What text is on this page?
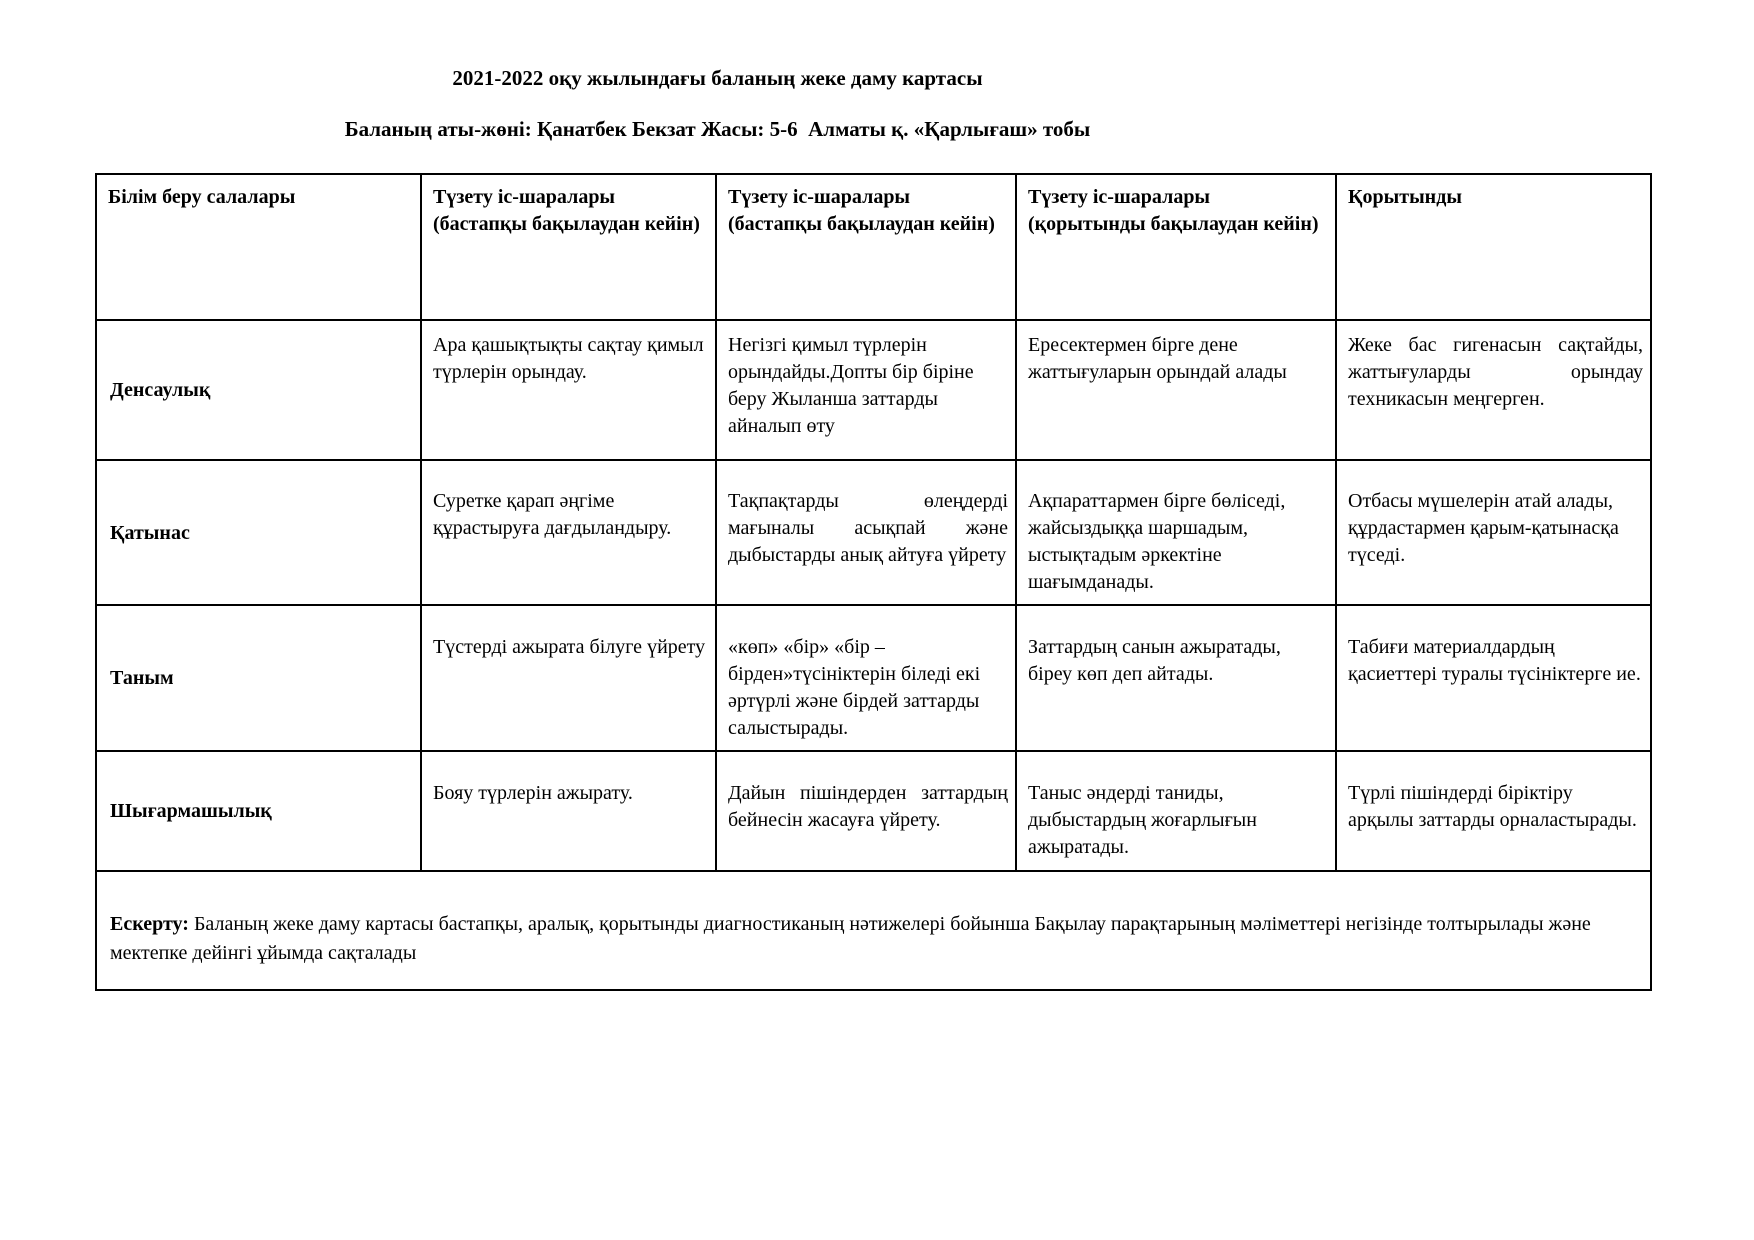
2021-2022 оқу жылындағы баланың жеке даму картасы

Баланың аты-жөні: Қанатбек Бекзат Жасы: 5-6  Алматы қ. «Қарлығаш» тобы

Білім беру салалары	Түзету іс-шаралары (бастапқы бақылаудан кейін)	Түзету іс-шаралары (бастапқы бақылаудан кейін)	Түзету іс-шаралары (қорытынды бақылаудан кейін)	Қорытынды
Денсаулық	Ара қашықтықты сақтау қимыл түрлерін орындау.	Негізгі қимыл түрлерін орындайды.Допты бір біріне беру Жыланша заттарды айналып өту	Ересектермен бірге дене жаттығуларын орындай алады	Жеке бас гигенасын сақтайды, жаттығуларды орындау техникасын меңгерген.
Қатынас	Суретке қарап әңгіме құрастыруға дағдыландыру.	Тақпақтарды өлеңдерді мағыналы асықпай және дыбыстарды анық айтуға үйрету	Ақпараттармен бірге бөліседі, жайсыздыққа шаршадым, ыстықтадым әркектіне шағымданады.	Отбасы мүшелерін атай алады, құрдастармен қарым-қатынасқа түседі.
Таным	Түстерді ажырата білуге үйрету	«көп» «бір» «бір – бірден»түсініктерін біледі екі әртүрлі және бірдей заттарды салыстырады.	Заттардың санын ажыратады, біреу көп деп айтады.	Табиғи материалдардың қасиеттері туралы түсініктерге ие.
Шығармашылық	Бояу түрлерін ажырату.	Дайын пішіндерден заттардың бейнесін жасауға үйрету.	Таныс әндерді таниды, дыбыстардың жоғарлығын ажыратады.	Түрлі пішіндерді біріктіру арқылы заттарды орналастырады.
Ескерту: Баланың жеке даму картасы бастапқы, аралық, қорытынды диагностиканың нәтижелері бойынша Бақылау парақтарының мәліметтері негізінде толтырылады және мектепке дейінгі ұйымда сақталады				
